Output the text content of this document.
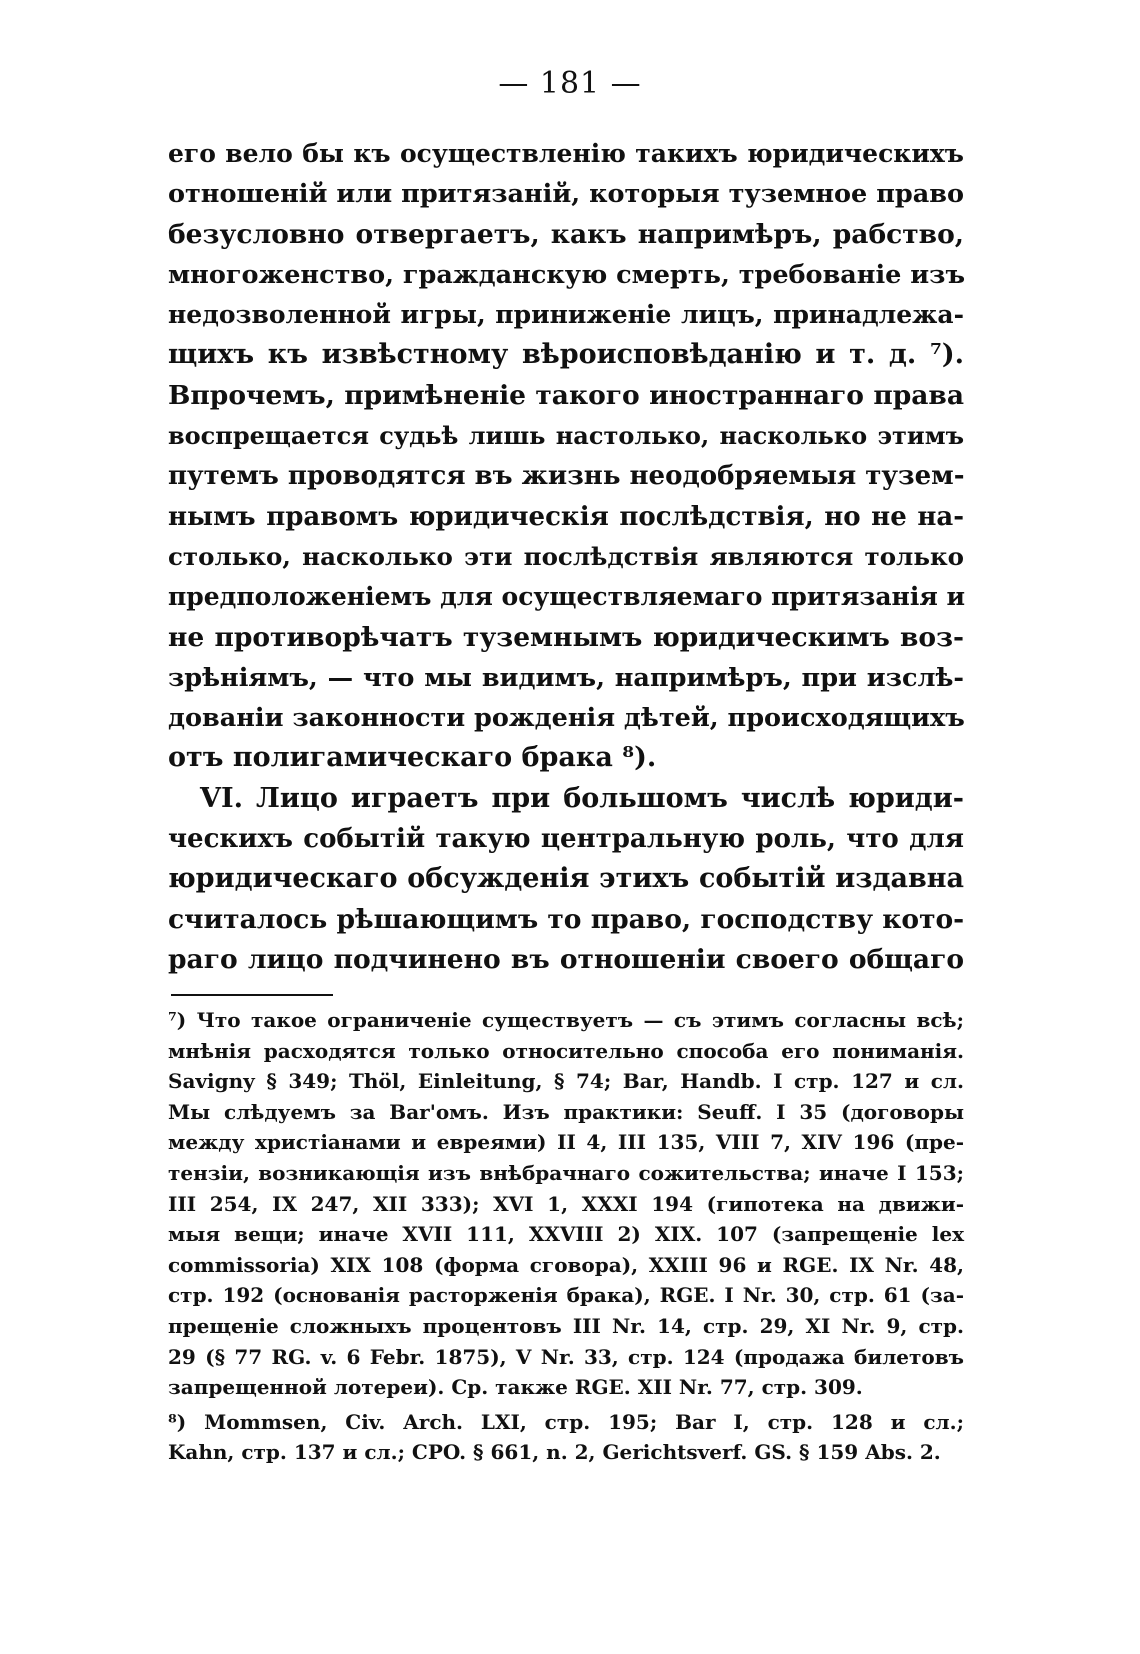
— 181 —
его вело бы къ осуществленію такихъ юридическихъ
отношеній или притязаній, которыя туземное право
безусловно отвергаетъ, какъ напримѣръ, рабство,
многоженство, гражданскую смерть, требованіе изъ
недозволенной игры, приниженіе лицъ, принадлежа-
щихъ къ извѣстному вѣроисповѣданію и т. д. ⁷).
Впрочемъ, примѣненіе такого иностраннаго права
воспрещается судьѣ лишь настолько, насколько этимъ
путемъ проводятся въ жизнь неодобряемыя тузем-
нымъ правомъ юридическія послѣдствія, но не на-
столько, насколько эти послѣдствія являются только
предположеніемъ для осуществляемаго притязанія и
не противорѣчатъ туземнымъ юридическимъ воз-
зрѣніямъ, — что мы видимъ, напримѣръ, при изслѣ-
дованіи законности рожденія дѣтей, происходящихъ
отъ полигамическаго брака ⁸).
VI. Лицо играетъ при большомъ числѣ юриди-
ческихъ событій такую центральную роль, что для
юридическаго обсужденія этихъ событій издавна
считалось рѣшающимъ то право, господству кото-
раго лицо подчинено въ отношеніи своего общаго
⁷) Что такое ограниченіе существуетъ — съ этимъ согласны всѣ;
мнѣнія расходятся только относительно способа его пониманія.
Savigny § 349; Thöl, Einleitung, § 74; Bar, Handb. I стр. 127 и сл.
Мы слѣдуемъ за Bar'омъ. Изъ практики: Seuff. I 35 (договоры
между христіанами и евреями) II 4, III 135, VIII 7, XIV 196 (пре-
тензіи, возникающія изъ внѣбрачнаго сожительства; иначе I 153;
III 254, IX 247, XII 333); XVI 1, XXXI 194 (гипотека на движи-
мыя вещи; иначе XVII 111, XXVIII 2) XIX. 107 (запрещеніе lex
commissoria) XIX 108 (форма сговора), XXIII 96 и RGE. IX Nr. 48,
стр. 192 (основанія расторженія брака), RGE. I Nr. 30, стр. 61 (за-
прещеніе сложныхъ процентовъ III Nr. 14, стр. 29, XI Nr. 9, стр.
29 (§ 77 RG. v. 6 Febr. 1875), V Nr. 33, стр. 124 (продажа билетовъ
запрещенной лотереи). Ср. также RGE. XII Nr. 77, стр. 309.
⁸) Mommsen, Civ. Arch. LXI, стр. 195; Bar I, стр. 128 и сл.;
Kahn, стр. 137 и сл.; CPO. § 661, n. 2, Gerichtsverf. GS. § 159 Abs. 2.
